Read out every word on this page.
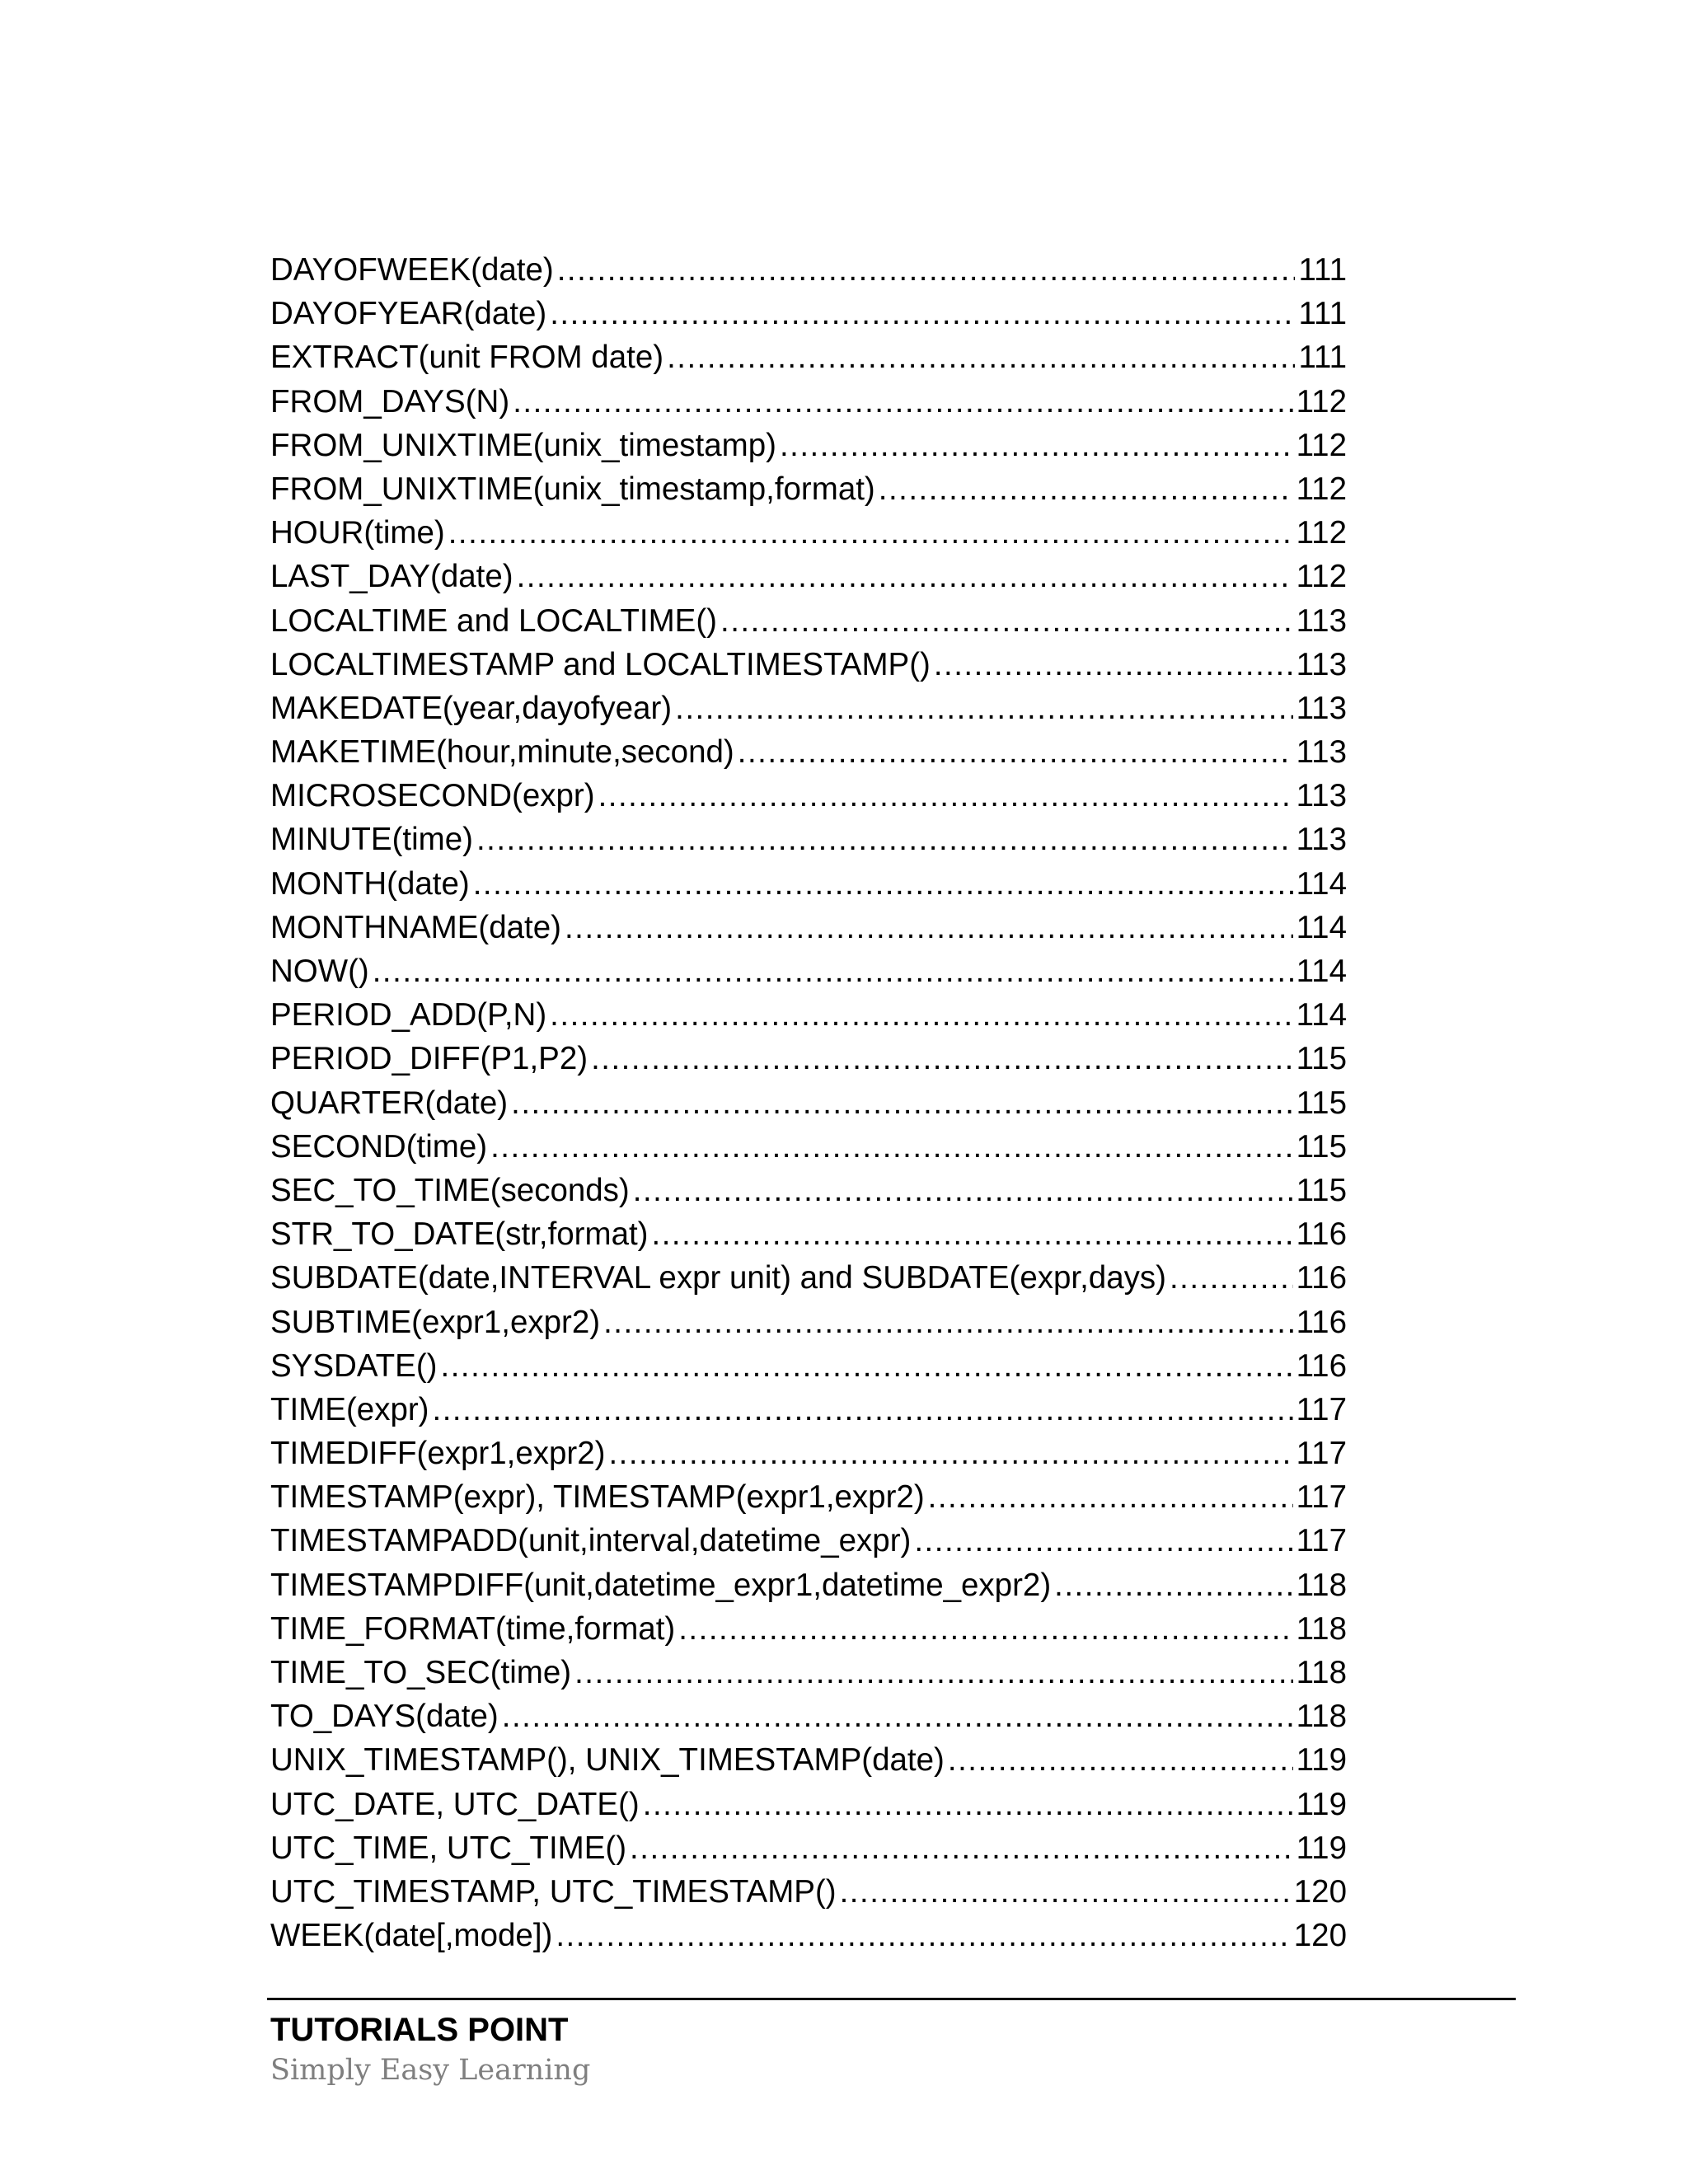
DAYOFWEEK(date) .....	111
DAYOFYEAR(date) .....	111
EXTRACT(unit FROM date) .....	111
FROM_DAYS(N) .....	112
FROM_UNIXTIME(unix_timestamp) .....	112
FROM_UNIXTIME(unix_timestamp,format) .....	112
HOUR(time) .....	112
LAST_DAY(date) .....	112
LOCALTIME and LOCALTIME() .....	113
LOCALTIMESTAMP and LOCALTIMESTAMP() .....	113
MAKEDATE(year,dayofyear) .....	113
MAKETIME(hour,minute,second) .....	113
MICROSECOND(expr) .....	113
MINUTE(time) .....	113
MONTH(date) .....	114
MONTHNAME(date) .....	114
NOW() .....	114
PERIOD_ADD(P,N) .....	114
PERIOD_DIFF(P1,P2) .....	115
QUARTER(date) .....	115
SECOND(time) .....	115
SEC_TO_TIME(seconds) .....	115
STR_TO_DATE(str,format) .....	116
SUBDATE(date,INTERVAL expr unit) and SUBDATE(expr,days) .....	116
SUBTIME(expr1,expr2) .....	116
SYSDATE() .....	116
TIME(expr) .....	117
TIMEDIFF(expr1,expr2) .....	117
TIMESTAMP(expr), TIMESTAMP(expr1,expr2) .....	117
TIMESTAMPADD(unit,interval,datetime_expr) .....	117
TIMESTAMPDIFF(unit,datetime_expr1,datetime_expr2) .....	118
TIME_FORMAT(time,format) .....	118
TIME_TO_SEC(time) .....	118
TO_DAYS(date) .....	118
UNIX_TIMESTAMP(), UNIX_TIMESTAMP(date) .....	119
UTC_DATE, UTC_DATE() .....	119
UTC_TIME, UTC_TIME() .....	119
UTC_TIMESTAMP, UTC_TIMESTAMP() .....	120
WEEK(date[,mode]) .....	120
TUTORIALS POINT
Simply Easy Learning
